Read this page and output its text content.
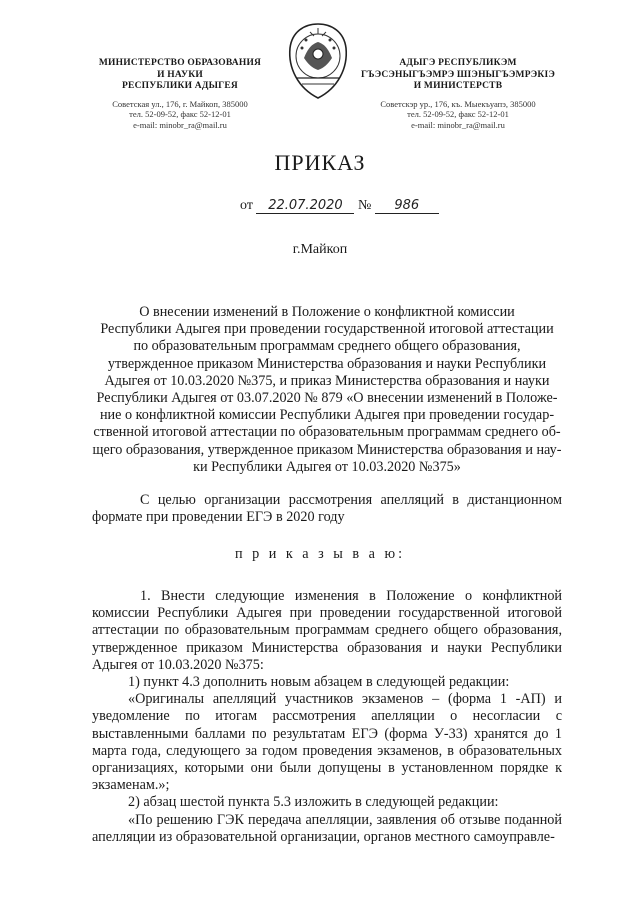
МИНИСТЕРСТВО ОБРАЗОВАНИЯ
И НАУКИ
РЕСПУБЛИКИ АДЫГЕЯ
Советская ул., 176, г. Майкоп, 385000
тел. 52-09-52, факс 52-12-01
e-mail: minobr_ra@mail.ru
АДЫГЭ РЕСПУБЛИКЭМ
ГЪЭСЭНЫГЪЭМРЭ ШIЭНЫГЪЭМРЭКIЭ
И МИНИСТЕРСТВ
Советскэр ур., 176, къ. Мыекъуапэ, 385000
тел. 52-09-52, факс 52-12-01
e-mail: minobr_ra@mail.ru
ПРИКАЗ
от 22.07.2020 № 986
г.Майкоп
О внесении изменений в Положение о конфликтной комиссии
Республики Адыгея при проведении государственной итоговой аттестации
по образовательным программам среднего общего образования,
утвержденное приказом Министерства образования и науки Республики
Адыгея от 10.03.2020 №375, и приказ Министерства образования и науки
Республики Адыгея от 03.07.2020 № 879 «О внесении изменений в Положе-
ние о конфликтной комиссии Республики Адыгея при проведении государ-
ственной итоговой аттестации по образовательным программам среднего об-
щего образования, утвержденное приказом Министерства образования и нау-
ки Республики Адыгея от 10.03.2020 №375»
С целью организации рассмотрения апелляций в дистанционном формате при проведении ЕГЭ в 2020 году
п р и к а з ы в а ю:
1. Внести следующие изменения в Положение о конфликтной комиссии Республики Адыгея при проведении государственной итоговой аттестации по образовательным программам среднего общего образования, утвержденное приказом Министерства образования и науки Республики Адыгея от 10.03.2020 №375:
1) пункт 4.3 дополнить новым абзацем в следующей редакции:
«Оригиналы апелляций участников экзаменов – (форма 1 -АП) и уведомление по итогам рассмотрения апелляции о несогласии с выставленными баллами по результатам ЕГЭ (форма У-33) хранятся до 1 марта года, следующего за годом проведения экзаменов, в образовательных организациях, которыми они были допущены в установленном порядке к экзаменам.»;
2) абзац шестой пункта 5.3 изложить в следующей редакции:
«По решению ГЭК передача апелляции, заявления об отзыве поданной апелляции из образовательной организации, органов местного самоуправле-
